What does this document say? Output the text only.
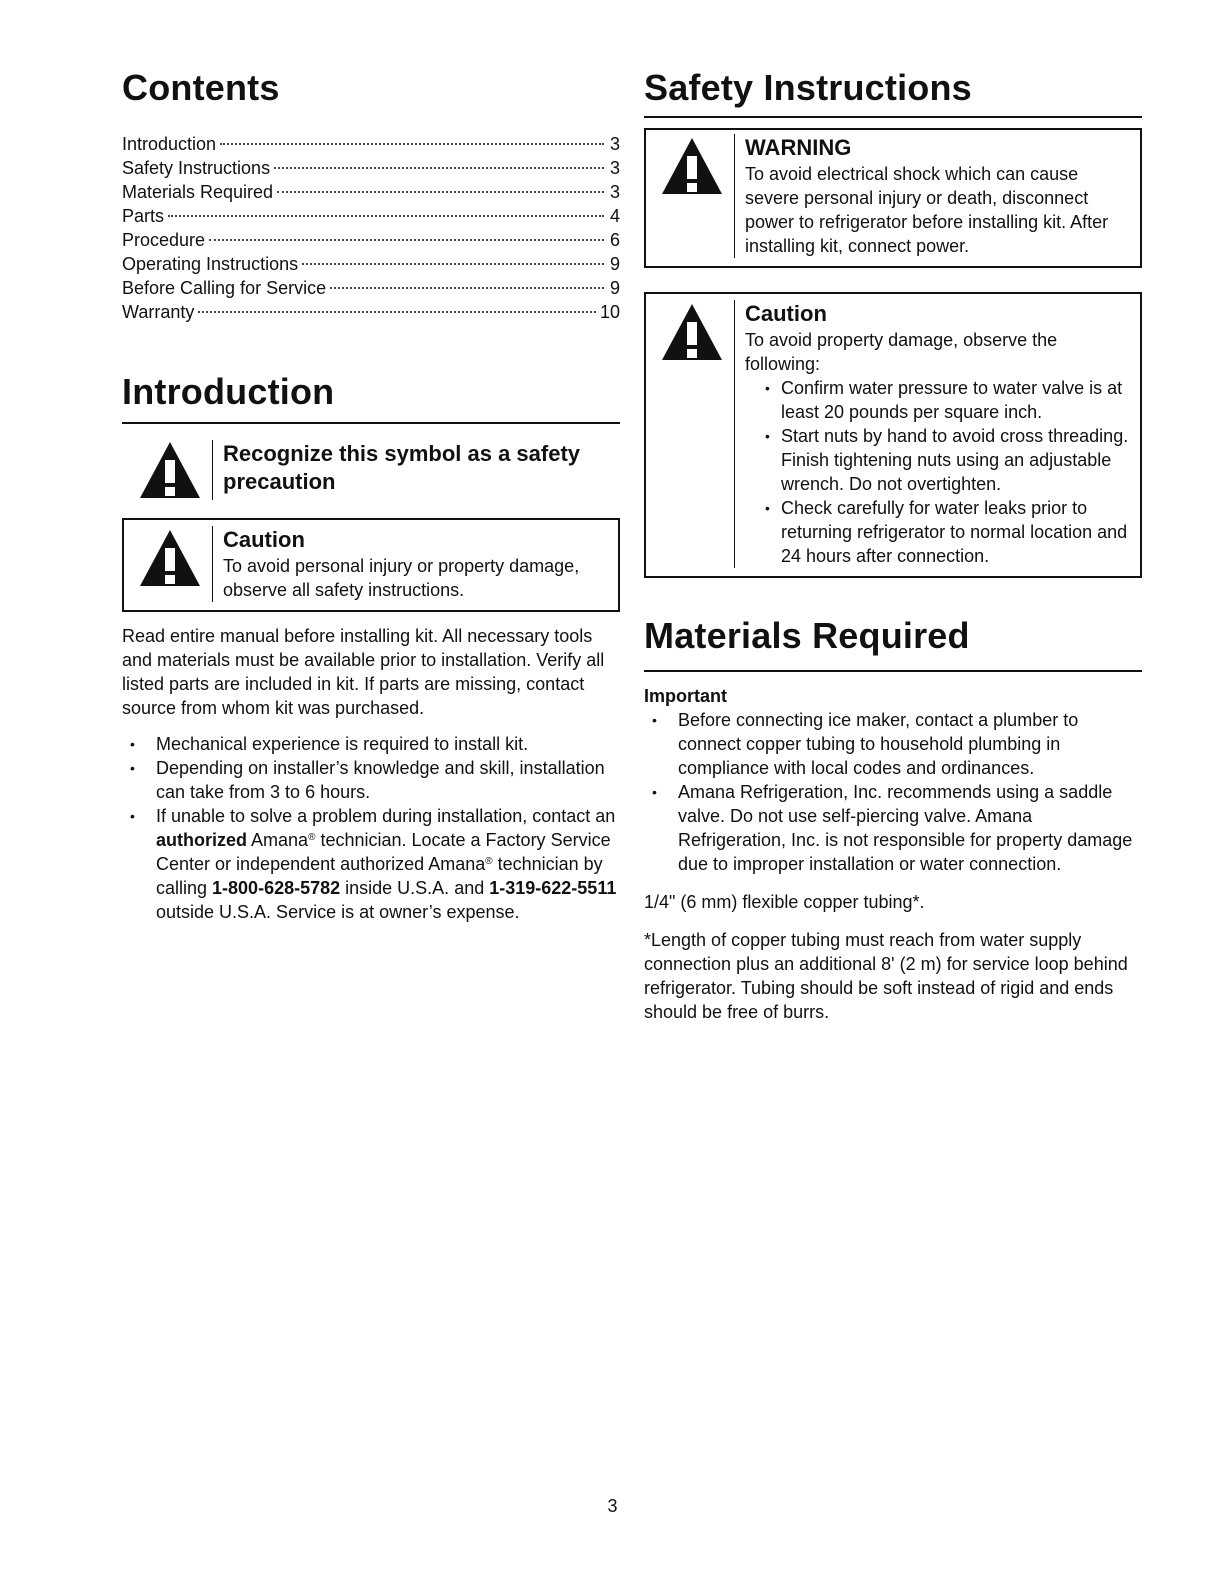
Contents
Introduction	3
Safety Instructions	3
Materials Required	3
Parts	4
Procedure	6
Operating Instructions	9
Before Calling for Service	9
Warranty	10
Introduction
Recognize this symbol as a safety precaution
Caution
To avoid personal injury or property damage, observe all safety instructions.

Read entire manual before installing kit. All necessary tools and materials must be available prior to installation. Verify all listed parts are included in kit. If parts are missing, contact source from whom kit was purchased.

• Mechanical experience is required to install kit.
• Depending on installer’s knowledge and skill, installation can take from 3 to 6 hours.
• If unable to solve a problem during installation, contact an authorized Amana® technician. Locate a Factory Service Center or independent authorized Amana® technician by calling 1-800-628-5782 inside U.S.A. and 1-319-622-5511 outside U.S.A. Service is at owner’s expense.
Safety Instructions
WARNING
To avoid electrical shock which can cause severe personal injury or death, disconnect power to refrigerator before installing kit. After installing kit, connect power.
Caution
To avoid property damage, observe the following:
• Confirm water pressure to water valve is at least 20 pounds per square inch.
• Start nuts by hand to avoid cross threading. Finish tightening nuts using an adjustable wrench. Do not overtighten.
• Check carefully for water leaks prior to returning refrigerator to normal location and 24 hours after connection.
Materials Required
Important
• Before connecting ice maker, contact a plumber to connect copper tubing to household plumbing in compliance with local codes and ordinances.
• Amana Refrigeration, Inc. recommends using a saddle valve. Do not use self-piercing valve. Amana Refrigeration, Inc. is not responsible for property damage due to improper installation or water connection.

1/4" (6 mm) flexible copper tubing*.

*Length of copper tubing must reach from water supply connection plus an additional 8' (2 m) for service loop behind refrigerator. Tubing should be soft instead of rigid and ends should be free of burrs.

3
